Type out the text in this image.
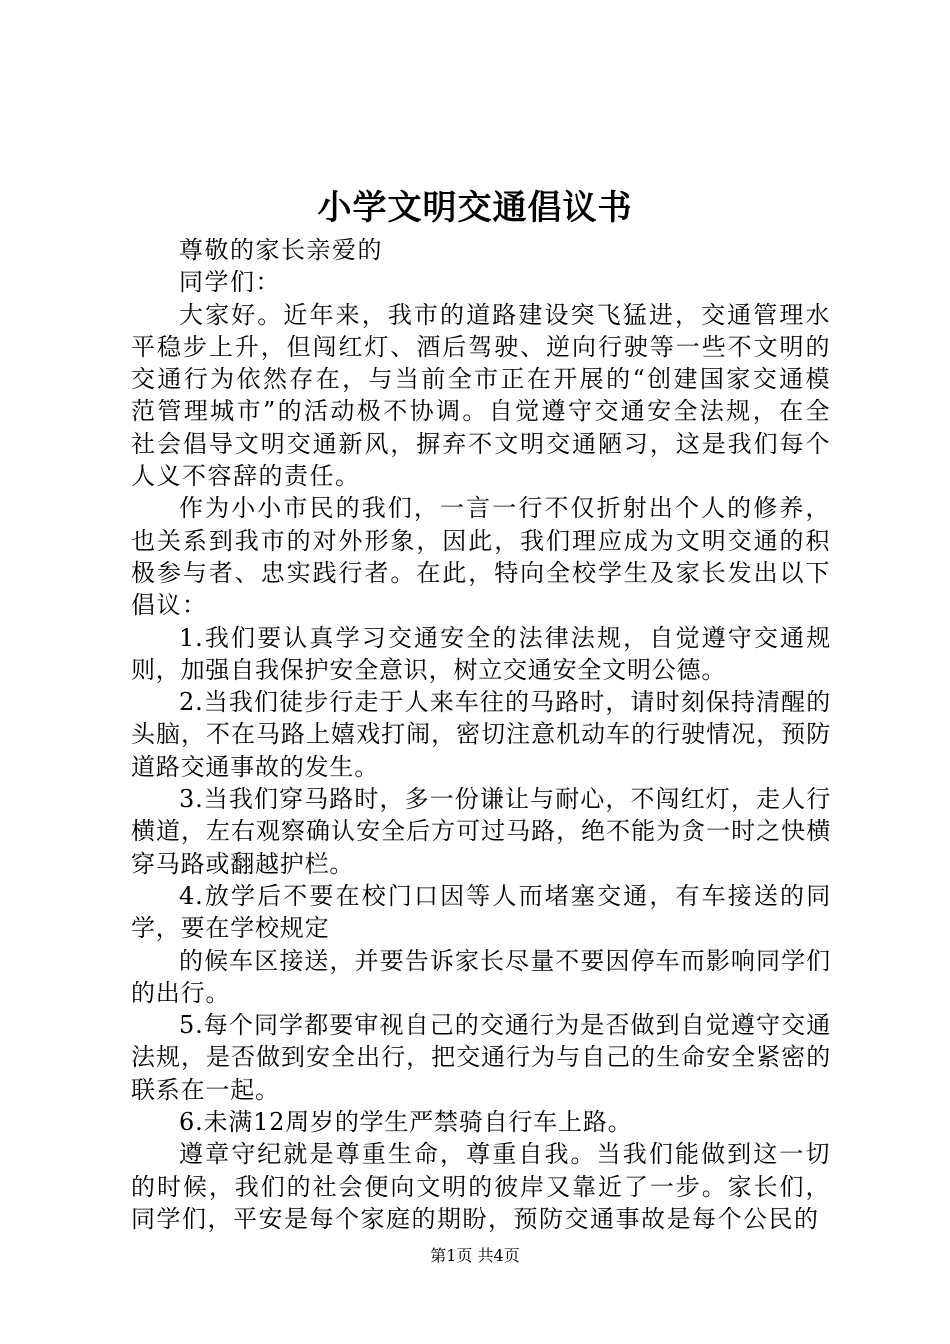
小学文明交通倡议书

尊敬的家长亲爱的

同学们：

大家好。近年来，我市的道路建设突飞猛进，交通管理水平稳步上升，但闯红灯、酒后驾驶、逆向行驶等一些不文明的交通行为依然存在，与当前全市正在开展的“创建国家交通模范管理城市”的活动极不协调。自觉遵守交通安全法规，在全社会倡导文明交通新风，摒弃不文明交通陋习，这是我们每个人义不容辞的责任。

作为小小市民的我们，一言一行不仅折射出个人的修养，也关系到我市的对外形象，因此，我们理应成为文明交通的积极参与者、忠实践行者。在此，特向全校学生及家长发出以下倡议：

1.我们要认真学习交通安全的法律法规，自觉遵守交通规则，加强自我保护安全意识，树立交通安全文明公德。

2.当我们徒步行走于人来车往的马路时，请时刻保持清醒的头脑，不在马路上嬉戏打闹，密切注意机动车的行驶情况，预防道路交通事故的发生。

3.当我们穿马路时，多一份谦让与耐心，不闯红灯，走人行横道，左右观察确认安全后方可过马路，绝不能为贪一时之快横穿马路或翻越护栏。

4.放学后不要在校门口因等人而堵塞交通，有车接送的同学，要在学校规定

的候车区接送，并要告诉家长尽量不要因停车而影响同学们的出行。

5.每个同学都要审视自己的交通行为是否做到自觉遵守交通法规，是否做到安全出行，把交通行为与自己的生命安全紧密的联系在一起。

6.未满12周岁的学生严禁骑自行车上路。

遵章守纪就是尊重生命，尊重自我。当我们能做到这一切的时候，我们的社会便向文明的彼岸又靠近了一步。家长们，同学们，平安是每个家庭的期盼，预防交通事故是每个公民的

第1页 共4页
